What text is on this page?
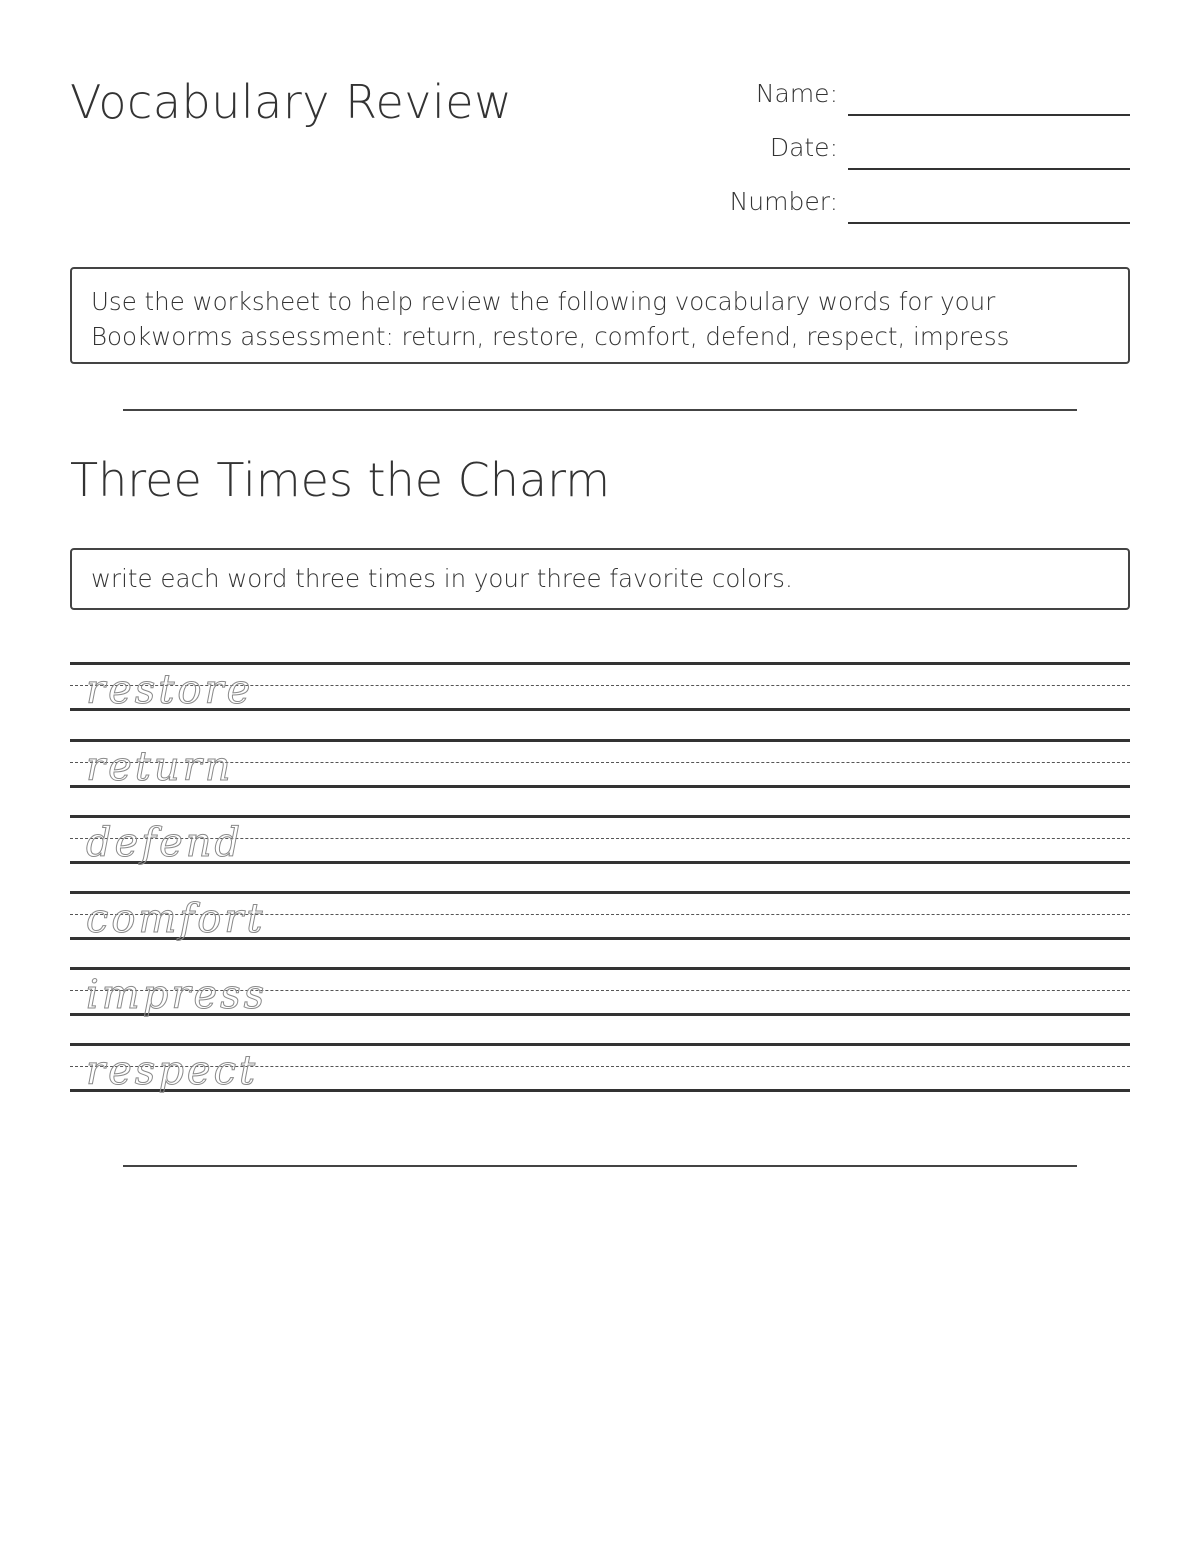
Vocabulary Review	Name:
Date:
Number:
Use the worksheet to help review the following vocabulary words for your Bookworms assessment: return, restore, comfort, defend, respect, impress
Three Times the Charm
write each word three times in your three favorite colors.
restore
return
defend
comfort
impress
respect
